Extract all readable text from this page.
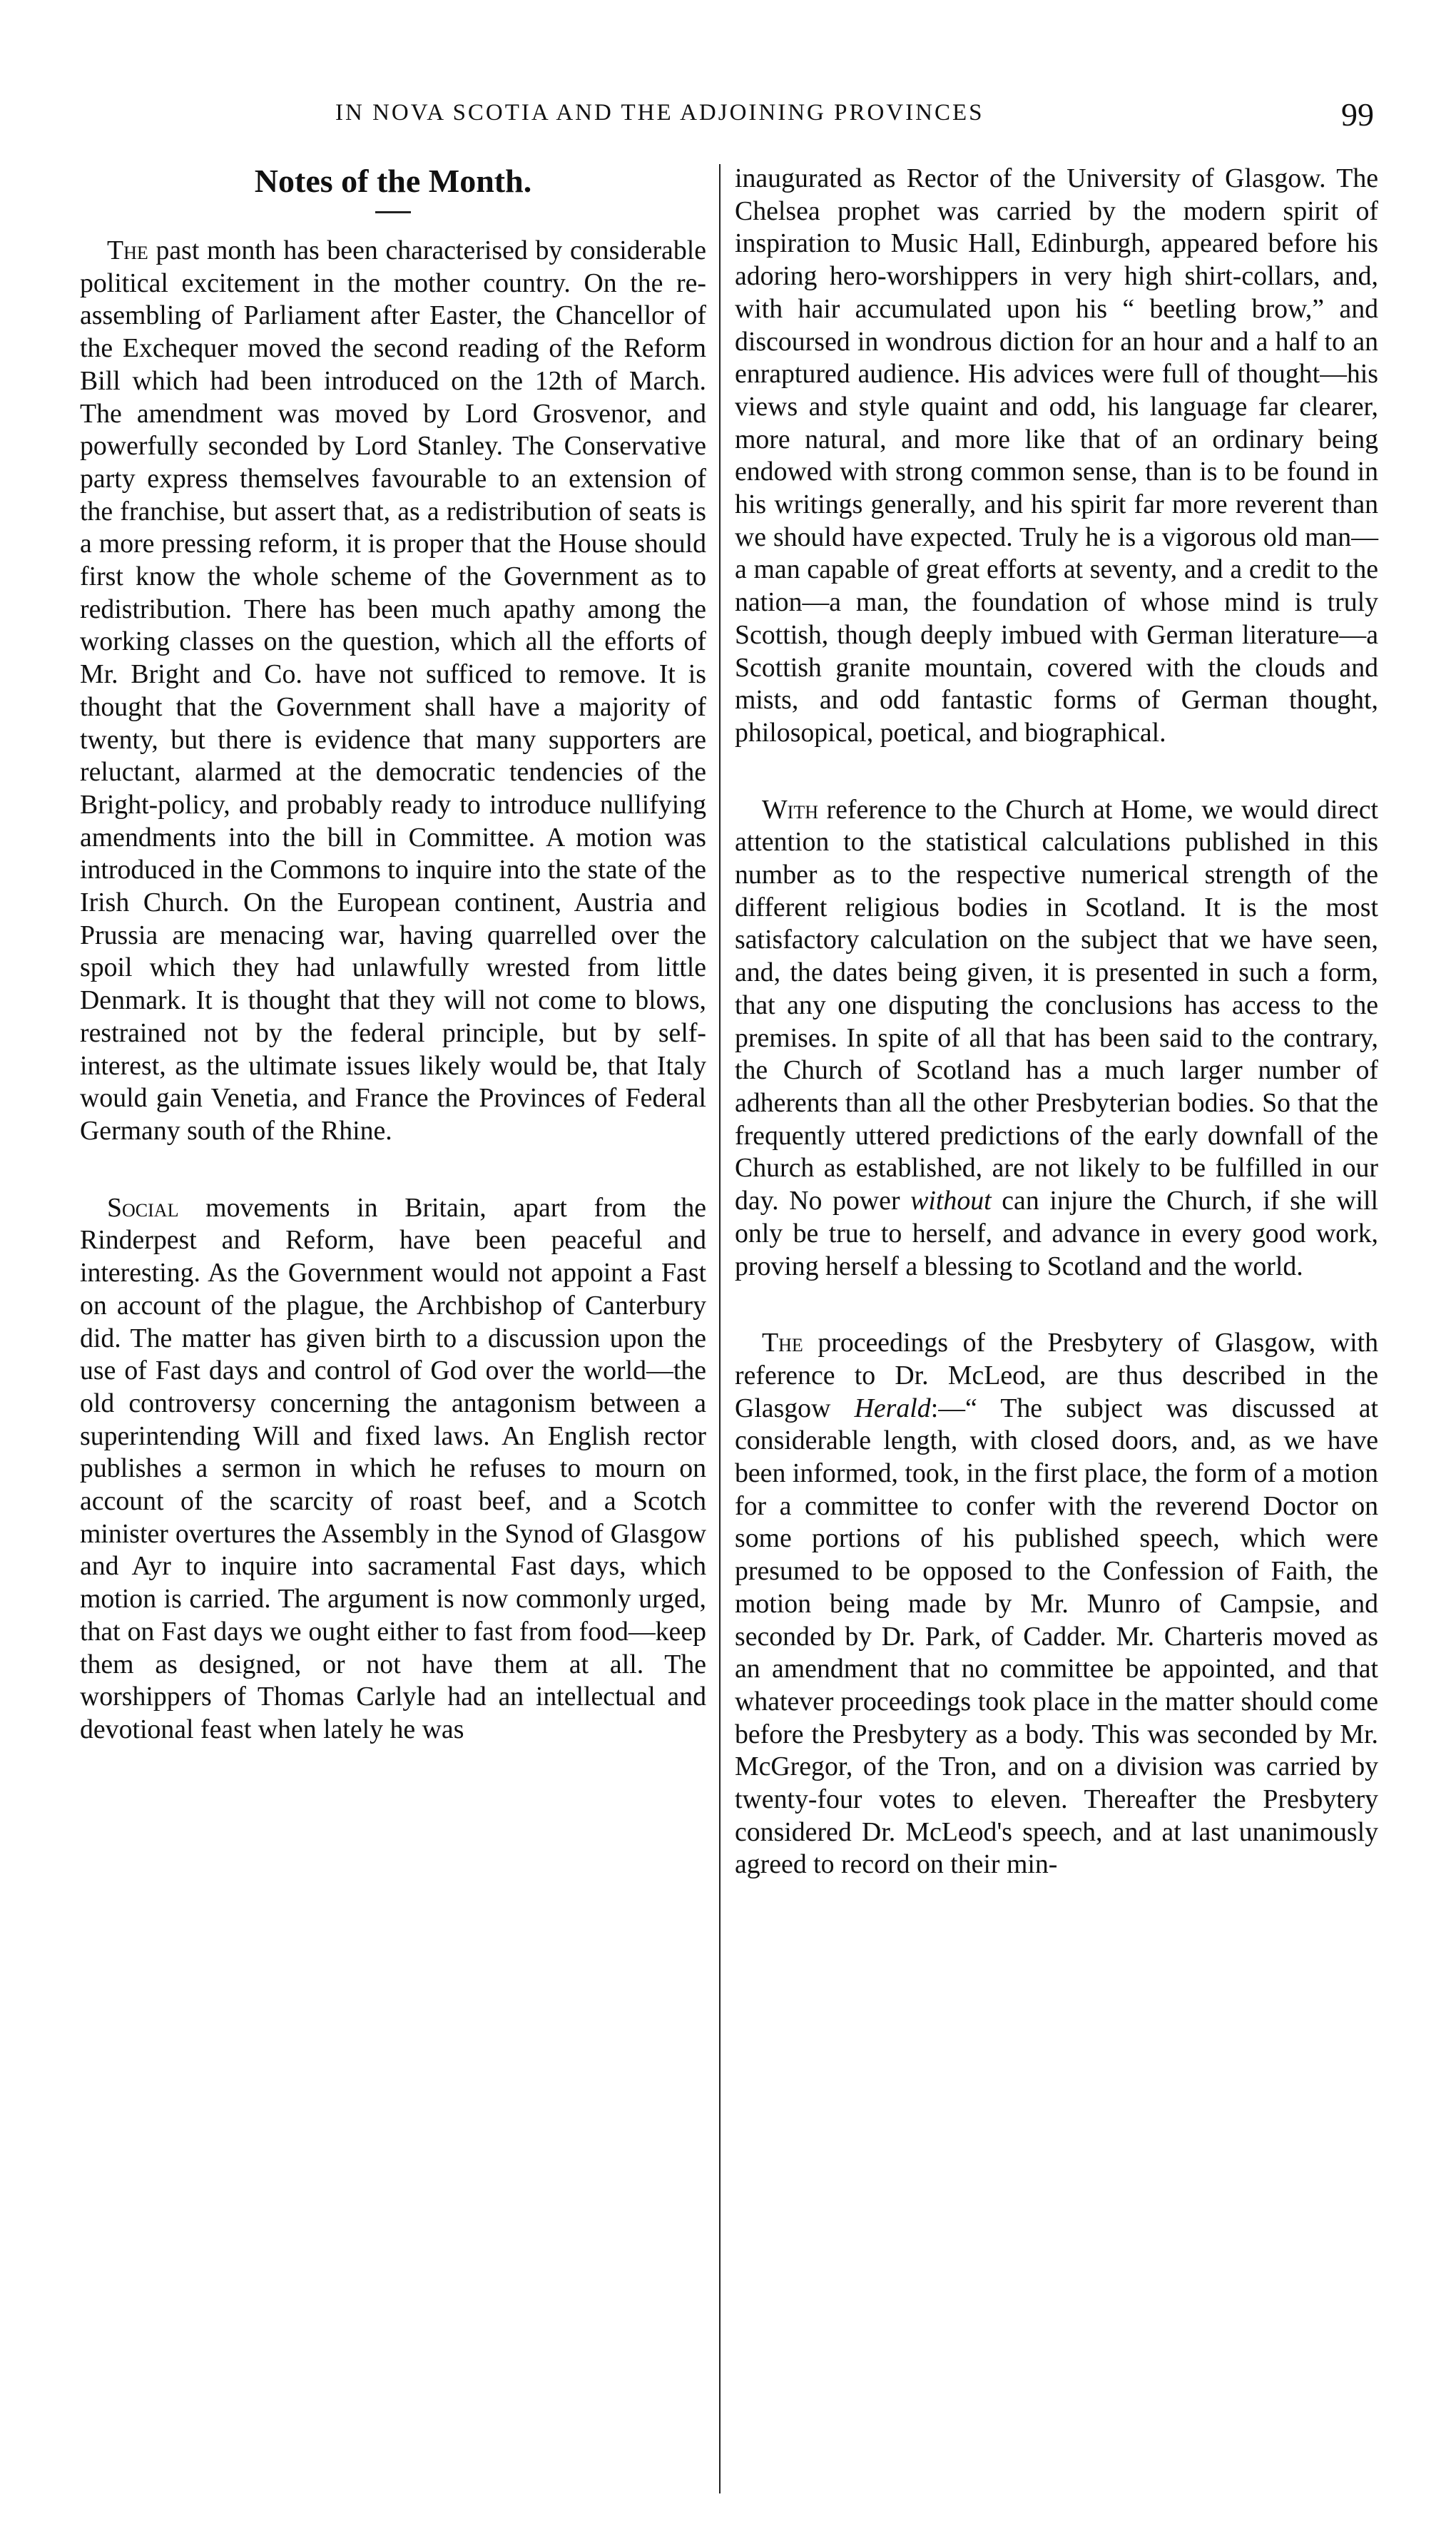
IN NOVA SCOTIA AND THE ADJOINING PROVINCES	99
Notes of the Month.

The past month has been characterised by considerable political excitement in the mother country. On the re-assembling of Parliament after Easter, the Chancellor of the Exchequer moved the second reading of the Reform Bill which had been introduced on the 12th of March. The amendment was moved by Lord Grosvenor, and powerfully seconded by Lord Stanley. The Conservative party express themselves favourable to an extension of the franchise, but assert that, as a redistribution of seats is a more pressing reform, it is proper that the House should first know the whole scheme of the Government as to redistribution. There has been much apathy among the working classes on the question, which all the efforts of Mr. Bright and Co. have not sufficed to remove. It is thought that the Government shall have a majority of twenty, but there is evidence that many supporters are reluctant, alarmed at the democratic tendencies of the Bright-policy, and probably ready to introduce nullifying amendments into the bill in Committee. A motion was introduced in the Commons to inquire into the state of the Irish Church. On the European continent, Austria and Prussia are menacing war, having quarrelled over the spoil which they had unlawfully wrested from little Denmark. It is thought that they will not come to blows, restrained not by the federal principle, but by self-interest, as the ultimate issues likely would be, that Italy would gain Venetia, and France the Provinces of Federal Germany south of the Rhine.

Social movements in Britain, apart from the Rinderpest and Reform, have been peaceful and interesting. As the Government would not appoint a Fast on account of the plague, the Archbishop of Canterbury did. The matter has given birth to a discussion upon the use of Fast days and control of God over the world—the old controversy concerning the antagonism between a superintending Will and fixed laws. An English rector publishes a sermon in which he refuses to mourn on account of the scarcity of roast beef, and a Scotch minister overtures the Assembly in the Synod of Glasgow and Ayr to inquire into sacramental Fast days, which motion is carried. The argument is now commonly urged, that on Fast days we ought either to fast from food—keep them as designed, or not have them at all. The worshippers of Thomas Carlyle had an intellectual and devotional feast when lately he was

inaugurated as Rector of the University of Glasgow. The Chelsea prophet was carried by the modern spirit of inspiration to Music Hall, Edinburgh, appeared before his adoring hero-worshippers in very high shirt-collars, and, with hair accumulated upon his “ beetling brow,” and discoursed in wondrous diction for an hour and a half to an enraptured audience. His advices were full of thought—his views and style quaint and odd, his language far clearer, more natural, and more like that of an ordinary being endowed with strong common sense, than is to be found in his writings generally, and his spirit far more reverent than we should have expected. Truly he is a vigorous old man—a man capable of great efforts at seventy, and a credit to the nation—a man, the foundation of whose mind is truly Scottish, though deeply imbued with German literature—a Scottish granite mountain, covered with the clouds and mists, and odd fantastic forms of German thought, philosopical, poetical, and biographical.

With reference to the Church at Home, we would direct attention to the statistical calculations published in this number as to the respective numerical strength of the different religious bodies in Scotland. It is the most satisfactory calculation on the subject that we have seen, and, the dates being given, it is presented in such a form, that any one disputing the conclusions has access to the premises. In spite of all that has been said to the contrary, the Church of Scotland has a much larger number of adherents than all the other Presbyterian bodies. So that the frequently uttered predictions of the early downfall of the Church as established, are not likely to be fulfilled in our day. No power without can injure the Church, if she will only be true to herself, and advance in every good work, proving herself a blessing to Scotland and the world.

The proceedings of the Presbytery of Glasgow, with reference to Dr. McLeod, are thus described in the Glasgow Herald:—“ The subject was discussed at considerable length, with closed doors, and, as we have been informed, took, in the first place, the form of a motion for a committee to confer with the reverend Doctor on some portions of his published speech, which were presumed to be opposed to the Confession of Faith, the motion being made by Mr. Munro of Campsie, and seconded by Dr. Park, of Cadder. Mr. Charteris moved as an amendment that no committee be appointed, and that whatever proceedings took place in the matter should come before the Presbytery as a body. This was seconded by Mr. McGregor, of the Tron, and on a division was carried by twenty-four votes to eleven. Thereafter the Presbytery considered Dr. McLeod's speech, and at last unanimously agreed to record on their min-
